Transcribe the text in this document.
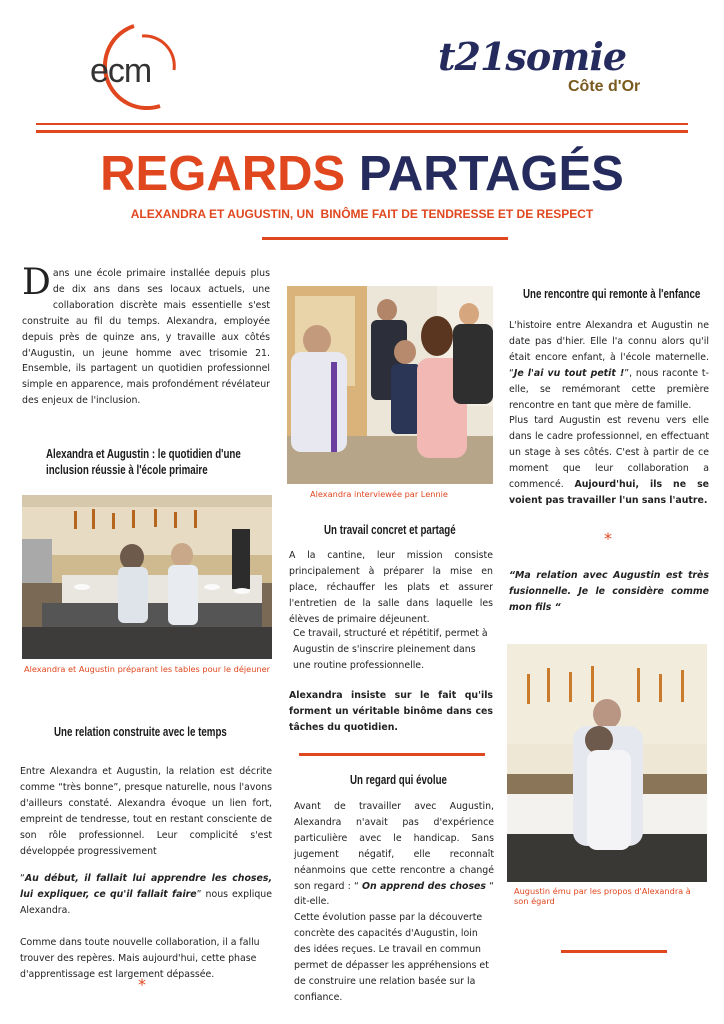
ecm	t21somie
Côte d'Or
REGARDS PARTAGÉS
ALEXANDRA ET AUGUSTIN, UN  BINÔME FAIT DE TENDRESSE ET DE RESPECT
D ans une école primaire installée depuis plus de dix ans dans ses locaux actuels, une collaboration discrète mais essentielle s'est construite au fil du temps. Alexandra, employée depuis près de quinze ans, y travaille aux côtés d'Augustin, un jeune homme avec trisomie 21. Ensemble, ils partagent un quotidien professionnel simple en apparence, mais profondément révélateur des enjeux de l'inclusion.

Alexandra et Augustin : le quotidien d'une
inclusion réussie à l'école primaire
Alexandra et Augustin préparant les tables pour le déjeuner
Une relation construite avec le temps

Entre Alexandra et Augustin, la relation est décrite comme “très bonne”, presque naturelle, nous l'avons d'ailleurs constaté. Alexandra évoque un lien fort, empreint de tendresse, tout en restant consciente de son rôle professionnel. Leur complicité s'est développée progressivement

“Au début, il fallait lui apprendre les choses, lui expliquer, ce qu'il fallait faire” nous explique Alexandra.

Comme dans toute nouvelle collaboration, il a fallu trouver des repères. Mais aujourd'hui, cette phase d'apprentissage est largement dépassée.

*
Alexandra interviewée par Lennie
Un travail concret et partagé

A la cantine, leur mission consiste principalement à préparer la mise en place, réchauffer les plats et assurer l'entretien de la salle dans laquelle les élèves de primaire déjeunent.

Ce travail, structuré et répétitif, permet à Augustin de s'inscrire pleinement dans une routine professionnelle.

Alexandra insiste sur le fait qu'ils forment un véritable binôme dans ces tâches du quotidien.

Un regard qui évolue

Avant de travailler avec Augustin, Alexandra n'avait pas d'expérience particulière avec le handicap. Sans jugement négatif, elle reconnaît néanmoins que cette rencontre a changé son regard : “ On apprend des choses “ dit-elle.

Cette évolution passe par la découverte concrète des capacités d'Augustin, loin des idées reçues. Le travail en commun permet de dépasser les appréhensions et de construire une relation basée sur la confiance.

Une rencontre qui remonte à l'enfance

L'histoire entre Alexandra et Augustin ne date pas d'hier. Elle l'a connu alors qu'il était encore enfant, à l'école maternelle. “Je l'ai vu tout petit !”, nous raconte t-elle, se remémorant cette première rencontre en tant que mère de famille.

Plus tard Augustin est revenu vers elle dans le cadre professionnel, en effectuant un stage à ses côtés. C'est à partir de ce moment que leur collaboration a commencé. Aujourd'hui, ils ne se voient pas travailler l'un sans l'autre.

*

“Ma relation avec Augustin est très fusionnelle. Je le considère comme mon fils “

Augustin ému par les propos d'Alexandra à son égard
